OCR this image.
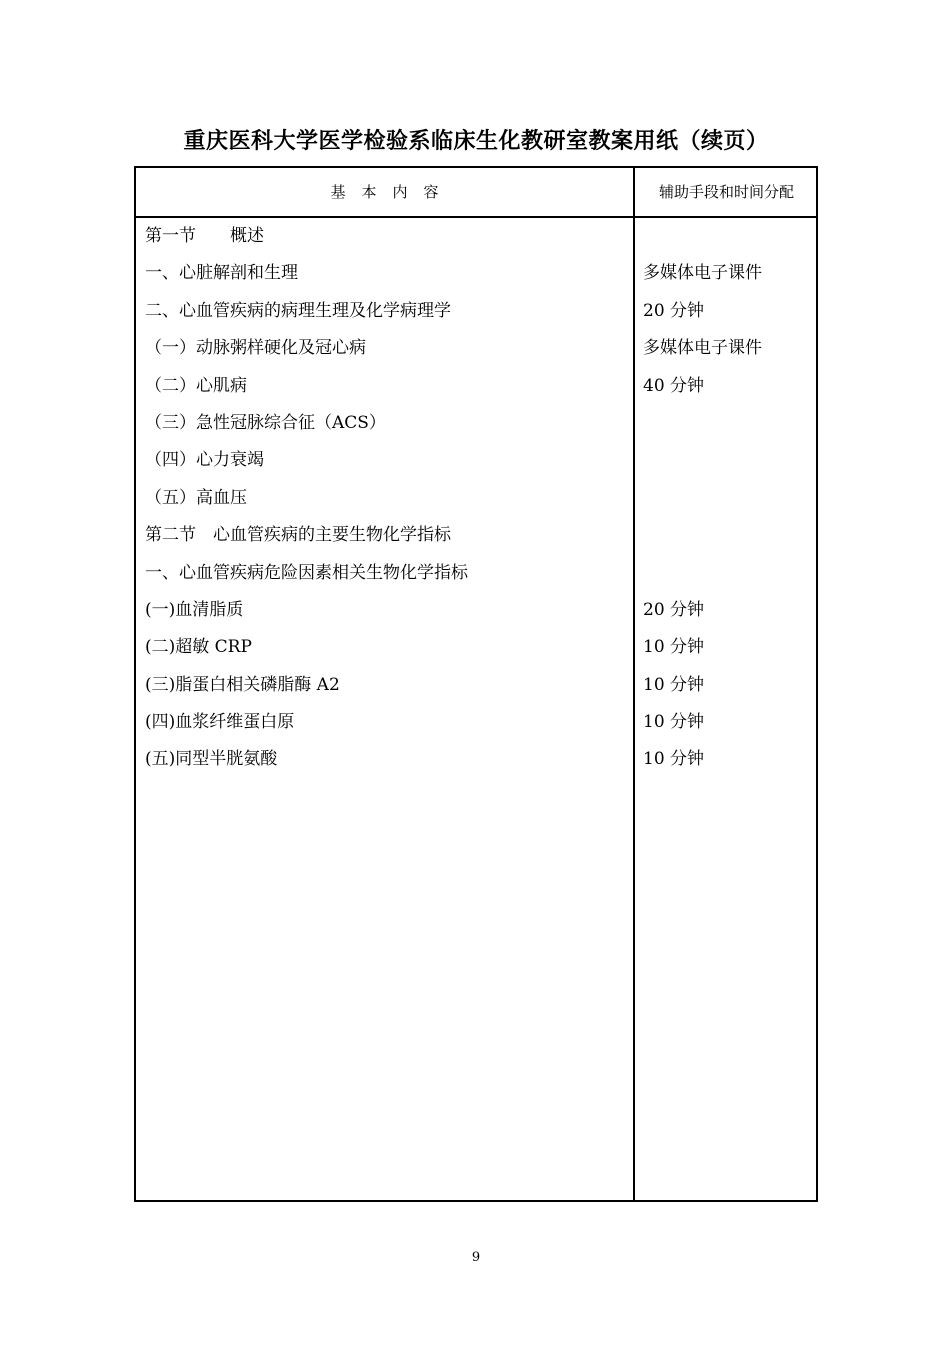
重庆医科大学医学检验系临床生化教研室教案用纸（续页）
基本内容	辅助手段和时间分配
第一节　　概述
一、心脏解剖和生理
二、心血管疾病的病理生理及化学病理学
（一）动脉粥样硬化及冠心病
（二）心肌病
（三）急性冠脉综合征（ACS）
（四）心力衰竭
（五）高血压
第二节　心血管疾病的主要生物化学指标
一、心血管疾病危险因素相关生物化学指标
(一)血清脂质
(二)超敏 CRP
(三)脂蛋白相关磷脂酶 A2
(四)血浆纤维蛋白原
(五)同型半胱氨酸
多媒体电子课件
20 分钟
多媒体电子课件
40 分钟
20 分钟
10 分钟
10 分钟
10 分钟
10 分钟
9
